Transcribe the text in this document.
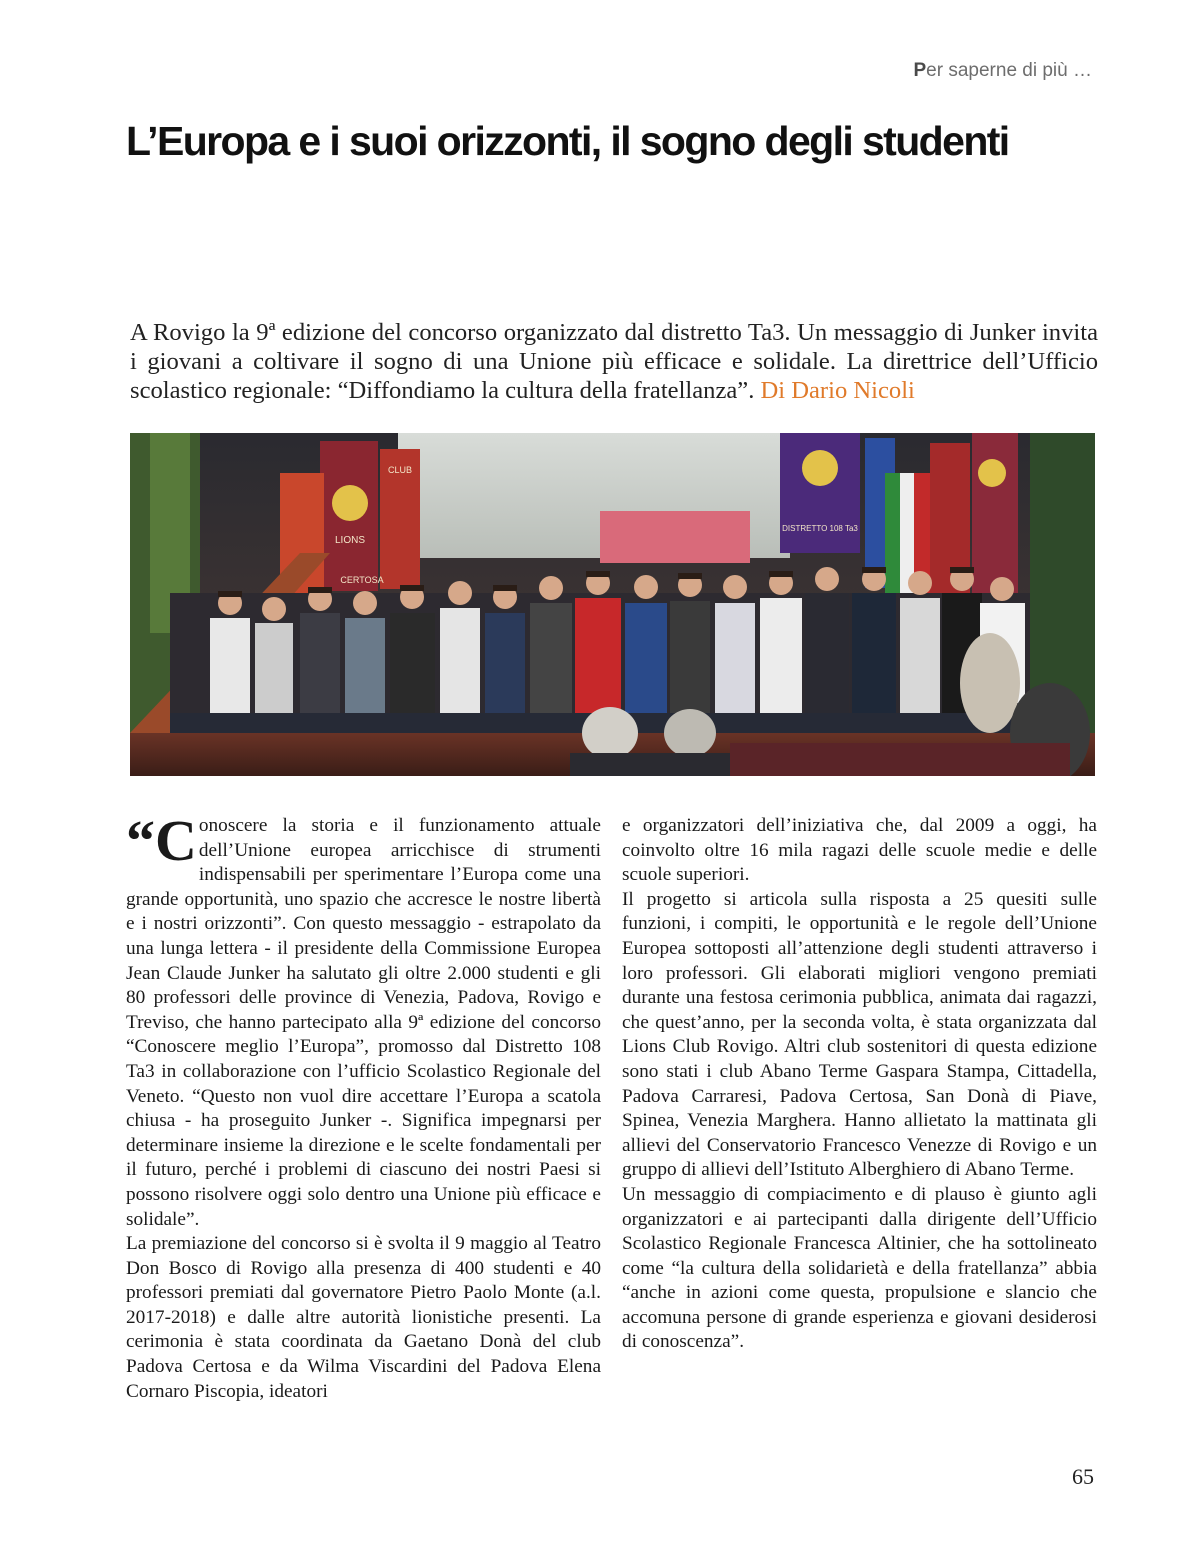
Per saperne di più …
L’Europa e i suoi orizzonti, il sogno degli studenti

A Rovigo la 9ª edizione del concorso organizzato dal distretto Ta3. Un messaggio di Junker invita i giovani a coltivare il sogno di una Unione più efficace e solidale. La direttrice dell’Ufficio scolastico regionale: “Diffondiamo la cultura della fratellanza”. Di Dario Nicoli

LIONS
CLUB
CERTOSA
DISTRETTO 108 Ta3

“C onoscere la storia e il funzionamento attuale dell’Unione europea arricchisce di strumenti indispensabili per sperimentare l’Europa come una grande opportunità, uno spazio che accresce le nostre libertà e i nostri orizzonti”. Con questo messaggio - estrapolato da una lunga lettera - il presidente della Commissione Europea Jean Claude Junker ha salutato gli oltre 2.000 studenti e gli 80 professori delle province di Venezia, Padova, Rovigo e Treviso, che hanno partecipato alla 9ª edizione del concorso “Conoscere meglio l’Europa”, promosso dal Distretto 108 Ta3 in collaborazione con l’ufficio Scolastico Regionale del Veneto. “Questo non vuol dire accettare l’Europa a scatola chiusa - ha proseguito Junker -. Significa impegnarsi per determinare insieme la direzione e le scelte fondamentali per il futuro, perché i problemi di ciascuno dei nostri Paesi si possono risolvere oggi solo dentro una Unione più efficace e solidale”.

La premiazione del concorso si è svolta il 9 maggio al Teatro Don Bosco di Rovigo alla presenza di 400 studenti e 40 professori premiati dal governatore Pietro Paolo Monte (a.l. 2017-2018) e dalle altre autorità lionistiche presenti. La cerimonia è stata coordinata da Gaetano Donà del club Padova Certosa e da Wilma Viscardini del Padova Elena Cornaro Piscopia, ideatori

e organizzatori dell’iniziativa che, dal 2009 a oggi, ha coinvolto oltre 16 mila ragazi delle scuole medie e delle scuole superiori.

Il progetto si articola sulla risposta a 25 quesiti sulle funzioni, i compiti, le opportunità e le regole dell’Unione Europea sottoposti all’attenzione degli studenti attraverso i loro professori. Gli elaborati migliori vengono premiati durante una festosa cerimonia pubblica, animata dai ragazzi, che quest’anno, per la seconda volta, è stata organizzata dal Lions Club Rovigo. Altri club sostenitori di questa edizione sono stati i club Abano Terme Gaspara Stampa, Cittadella, Padova Carraresi, Padova Certosa, San Donà di Piave, Spinea, Venezia Marghera. Hanno allietato la mattinata gli allievi del Conservatorio Francesco Venezze di Rovigo e un gruppo di allievi dell’Istituto Alberghiero di Abano Terme.

Un messaggio di compiacimento e di plauso è giunto agli organizzatori e ai partecipanti dalla dirigente dell’Ufficio Scolastico Regionale Francesca Altinier, che ha sottolineato come “la cultura della solidarietà e della fratellanza” abbia “anche in azioni come questa, propulsione e slancio che accomuna persone di grande esperienza e giovani desiderosi di conoscenza”.

65
